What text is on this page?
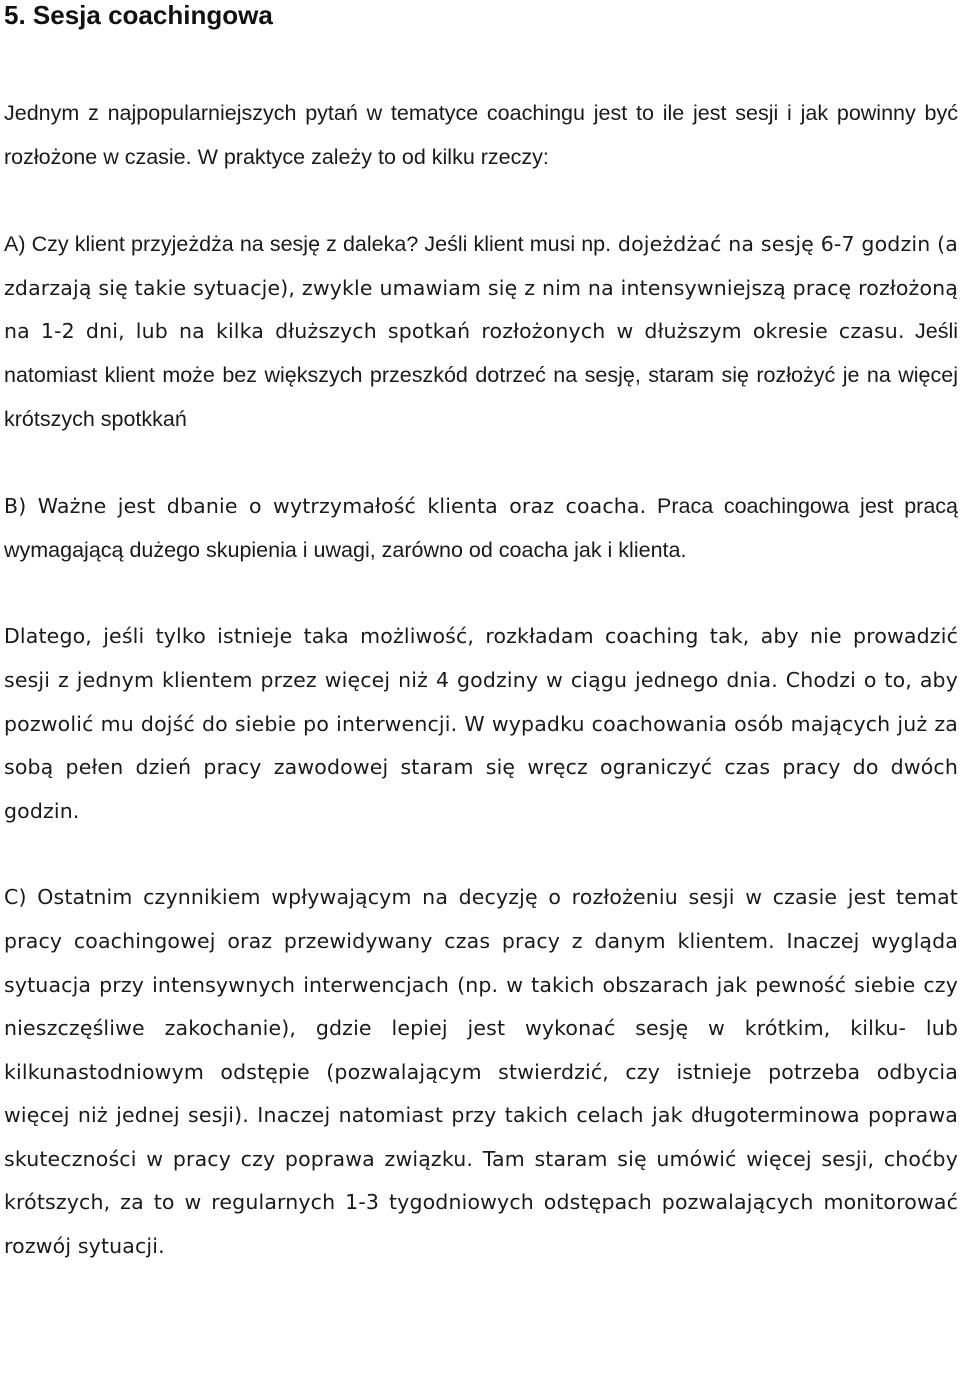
5. Sesja coachingowa

Jednym z najpopularniejszych pytań w tematyce coachingu jest to ile jest sesji i jak powinny być rozłożone w czasie. W praktyce zależy to od kilku rzeczy:

A) Czy klient przyjeżdża na sesję z daleka? Jeśli klient musi np. dojeżdżać na sesję 6-7 godzin (a zdarzają się takie sytuacje), zwykle umawiam się z nim na intensywniejszą pracę rozłożoną na 1-2 dni, lub na kilka dłuższych spotkań rozłożonych w dłuższym okresie czasu. Jeśli natomiast klient może bez większych przeszkód dotrzeć na sesję, staram się rozłożyć je na więcej krótszych spotkkań

B) Ważne jest dbanie o wytrzymałość klienta oraz coacha. Praca coachingowa jest pracą wymagającą dużego skupienia i uwagi, zarówno od coacha jak i klienta.

Dlatego, jeśli tylko istnieje taka możliwość, rozkładam coaching tak, aby nie prowadzić sesji z jednym klientem przez więcej niż 4 godziny w ciągu jednego dnia. Chodzi o to, aby pozwolić mu dojść do siebie po interwencji. W wypadku coachowania osób mających już za sobą pełen dzień pracy zawodowej staram się wręcz ograniczyć czas pracy do dwóch godzin.

C) Ostatnim czynnikiem wpływającym na decyzję o rozłożeniu sesji w czasie jest temat pracy coachingowej oraz przewidywany czas pracy z danym klientem. Inaczej wygląda sytuacja przy intensywnych interwencjach (np. w takich obszarach jak pewność siebie czy nieszczęśliwe zakochanie), gdzie lepiej jest wykonać sesję w krótkim, kilku- lub kilkunastodniowym odstępie (pozwalającym stwierdzić, czy istnieje potrzeba odbycia więcej niż jednej sesji). Inaczej natomiast przy takich celach jak długoterminowa poprawa skuteczności w pracy czy poprawa związku. Tam staram się umówić więcej sesji, choćby krótszych, za to w regularnych 1-3 tygodniowych odstępach pozwalających monitorować rozwój sytuacji.
